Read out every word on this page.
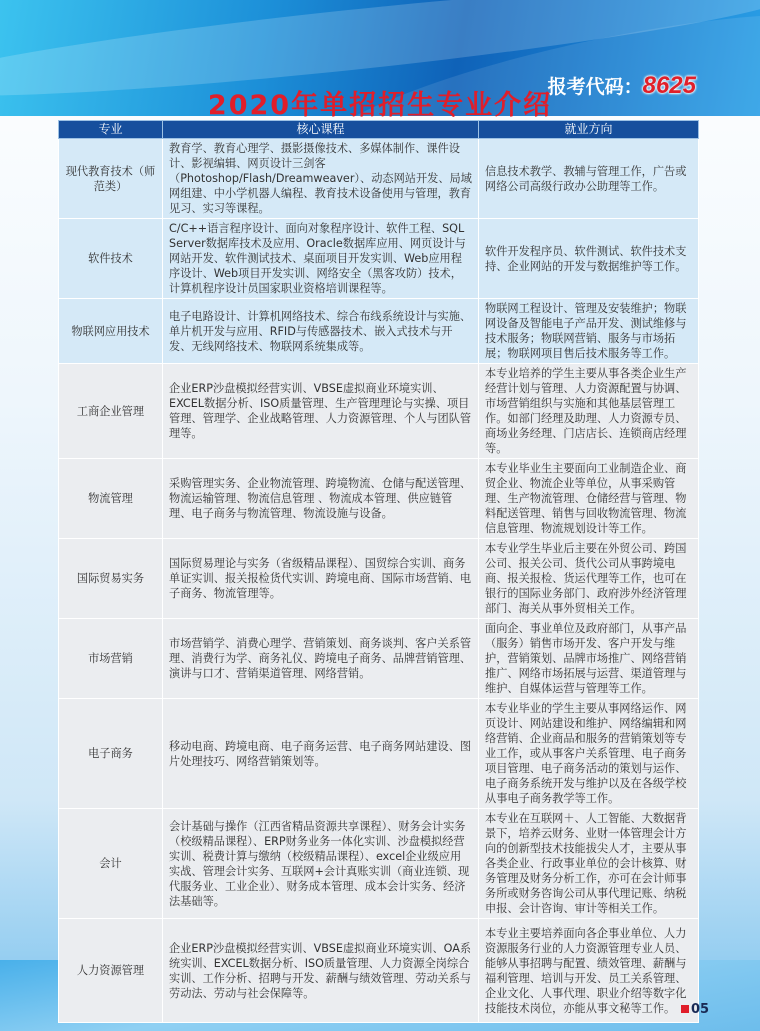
报考代码：8625
2020年单招招生专业介绍
专业	核心课程	就业方向
现代教育技术（师范类）	教育学、教育心理学、摄影摄像技术、多媒体制作、课件设计、影视编辑、网页设计三剑客（Photoshop/Flash/Dreamweaver）、动态网站开发、局域网组建、中小学机器人编程、教育技术设备使用与管理，教育见习、实习等课程。	信息技术教学、教辅与管理工作，广告或网络公司高级行政办公助理等工作。
软件技术	C/C++语言程序设计、面向对象程序设计、软件工程、SQL Server数据库技术及应用、Oracle数据库应用、网页设计与网站开发、软件测试技术、桌面项目开发实训、Web应用程序设计、Web项目开发实训、网络安全（黑客攻防）技术，计算机程序设计员国家职业资格培训课程等。	软件开发程序员、软件测试、软件技术支持、企业网站的开发与数据维护等工作。
物联网应用技术	电子电路设计、计算机网络技术、综合布线系统设计与实施、单片机开发与应用、RFID与传感器技术、嵌入式技术与开发、无线网络技术、物联网系统集成等。	物联网工程设计、管理及安装维护；物联网设备及智能电子产品开发、测试维修与技术服务；物联网营销、服务与市场拓展；物联网项目售后技术服务等工作。
工商企业管理	企业ERP沙盘模拟经营实训、VBSE虚拟商业环境实训、EXCEL数据分析、ISO质量管理、生产管理理论与实操、项目管理、管理学、企业战略管理、人力资源管理、个人与团队管理等。	本专业培养的学生主要从事各类企业生产经营计划与管理、人力资源配置与协调、市场营销组织与实施和其他基层管理工作。如部门经理及助理、人力资源专员、商场业务经理、门店店长、连锁商店经理等。
物流管理	采购管理实务、企业物流管理、跨境物流、仓储与配送管理、物流运输管理、物流信息管理 、物流成本管理、供应链管理、电子商务与物流管理、物流设施与设备。	本专业毕业生主要面向工业制造企业、商贸企业、物流企业等单位，从事采购管理、生产物流管理、仓储经营与管理、物料配送管理、销售与回收物流管理、物流信息管理、物流规划设计等工作。
国际贸易实务	国际贸易理论与实务（省级精品课程）、国贸综合实训、商务单证实训、报关报检货代实训、跨境电商、国际市场营销、电子商务、物流管理等。	本专业学生毕业后主要在外贸公司、跨国公司、报关公司、货代公司从事跨境电商、报关报检、货运代理等工作，也可在银行的国际业务部门、政府涉外经济管理部门、海关从事外贸相关工作。
市场营销	市场营销学、消费心理学、营销策划、商务谈判、客户关系管理、消费行为学、商务礼仪、跨境电子商务、品牌营销管理、演讲与口才、营销渠道管理、网络营销。	面向企、事业单位及政府部门，从事产品（服务）销售市场开发、客户开发与维护，营销策划、品牌市场推广、网络营销推广、网络市场拓展与运营、渠道管理与维护、自媒体运营与管理等工作。
电子商务	移动电商、跨境电商、电子商务运营、电子商务网站建设、图片处理技巧、网络营销策划等。	本专业毕业的学生主要从事网络运作、网页设计、网站建设和维护、网络编辑和网络营销、企业商品和服务的营销策划等专业工作，或从事客户关系管理、电子商务项目管理、电子商务活动的策划与运作、电子商务系统开发与维护以及在各级学校从事电子商务教学等工作。
会计	会计基础与操作（江西省精品资源共享课程）、财务会计实务（校级精品课程）、ERP财务业务一体化实训、沙盘模拟经营实训、税费计算与缴纳（校级精品课程）、excel企业级应用实战、管理会计实务、互联网+会计真账实训（商业连锁、现代服务业、工业企业）、财务成本管理、成本会计实务、经济法基础等。	本专业在互联网＋、人工智能、大数据背景下，培养云财务、业财一体管理会计方向的创新型技术技能拔尖人才，主要从事各类企业、行政事业单位的会计核算、财务管理及财务分析工作，亦可在会计师事务所或财务咨询公司从事代理记账、纳税申报、会计咨询、审计等相关工作。
人力资源管理	企业ERP沙盘模拟经营实训、VBSE虚拟商业环境实训、OA系统实训、EXCEL数据分析、ISO质量管理、人力资源全岗综合实训、工作分析、招聘与开发、薪酬与绩效管理、劳动关系与劳动法、劳动与社会保障等。	本专业主要培养面向各企事业单位、人力资源服务行业的人力资源管理专业人员、能够从事招聘与配置、绩效管理、薪酬与福利管理、培训与开发、员工关系管理、企业文化、人事代理、职业介绍等数字化技能技术岗位，亦能从事文秘等工作。	05
